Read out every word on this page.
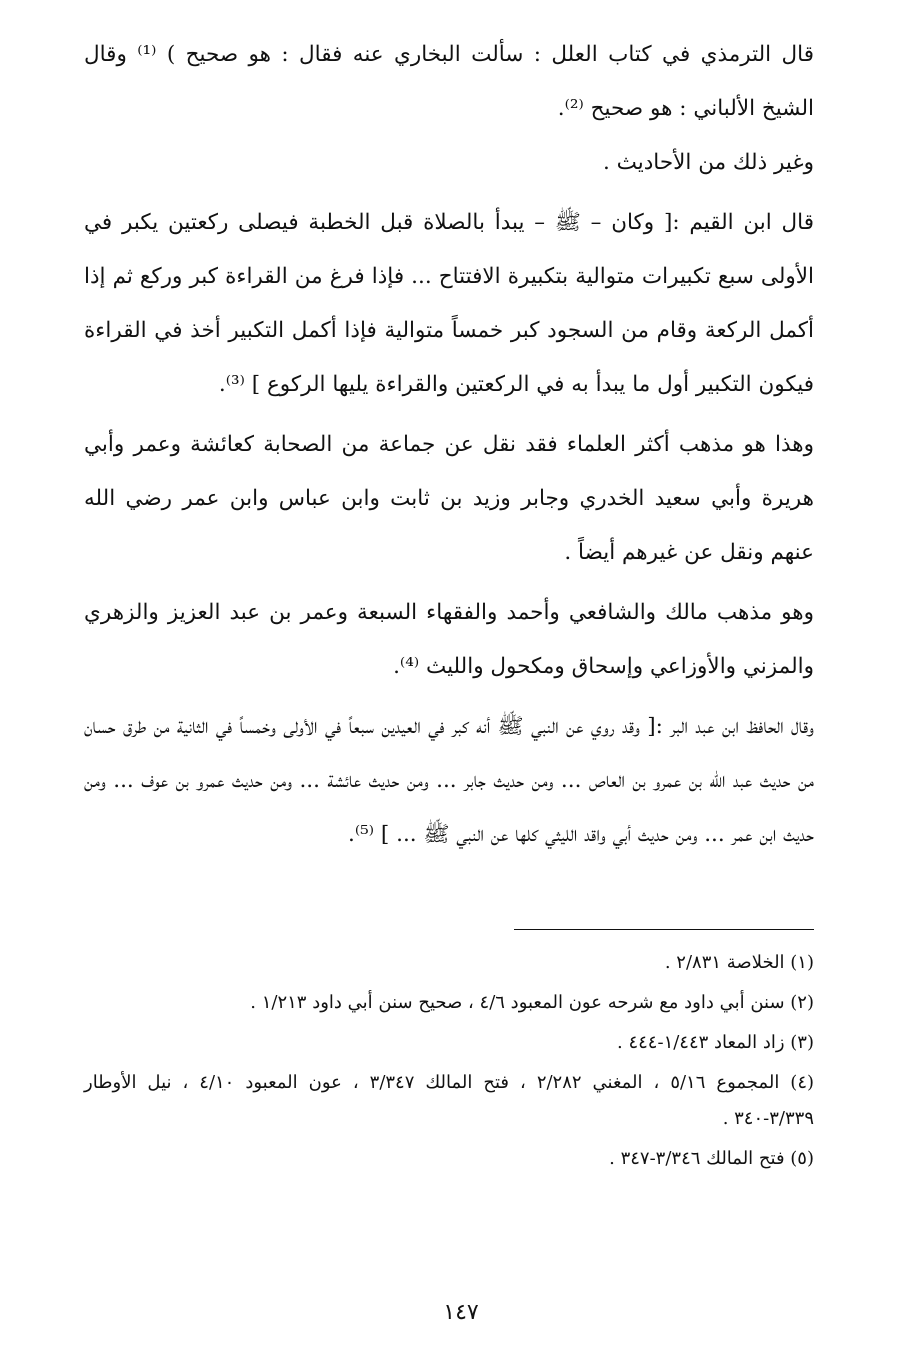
قال الترمذي في كتاب العلل : سألت البخاري عنه فقال : هو صحيح ) ⁽¹⁾ وقال الشيخ الألباني : هو صحيح ⁽²⁾.

وغير ذلك من الأحاديث .

قال ابن القيم :[ وكان – ﷺ – يبدأ بالصلاة قبل الخطبة فيصلى ركعتين يكبر في الأولى سبع تكبيرات متوالية بتكبيرة الافتتاح ... فإذا فرغ من القراءة كبر وركع ثم إذا أكمل الركعة وقام من السجود كبر خمساً متوالية فإذا أكمل التكبير أخذ في القراءة فيكون التكبير أول ما يبدأ به في الركعتين والقراءة يليها الركوع ] ⁽³⁾.

وهذا هو مذهب أكثر العلماء فقد نقل عن جماعة من الصحابة كعائشة وعمر وأبي هريرة وأبي سعيد الخدري وجابر وزيد بن ثابت وابن عباس وابن عمر رضي الله عنهم ونقل عن غيرهم أيضاً .

وهو مذهب مالك والشافعي وأحمد والفقهاء السبعة وعمر بن عبد العزيز والزهري والمزني والأوزاعي وإسحاق ومكحول والليث ⁽⁴⁾.

وقال الحافظ ابن عبد البر :[ وقد روي عن النبي ﷺ أنه كبر في العيدين سبعاً في الأولى وخمساً في الثانية من طرق حسان من حديث عبد الله بن عمرو بن العاص ... ومن حديث جابر ... ومن حديث عائشة ... ومن حديث عمرو بن عوف ... ومن حديث ابن عمر ... ومن حديث أبي واقد الليثي كلها عن النبي ﷺ ... ] ⁽⁵⁾.

(١) الخلاصة ٢/٨٣١ .

(٢) سنن أبي داود مع شرحه عون المعبود ٤/٦ ، صحيح سنن أبي داود ١/٢١٣ .

(٣) زاد المعاد ١/٤٤٣-٤٤٤ .

(٤) المجموع ٥/١٦ ، المغني ٢/٢٨٢ ، فتح المالك ٣/٣٤٧ ، عون المعبود ٤/١٠ ، نيل الأوطار ٣/٣٣٩-٣٤٠ .

(٥) فتح المالك ٣/٣٤٦-٣٤٧ .

١٤٧
